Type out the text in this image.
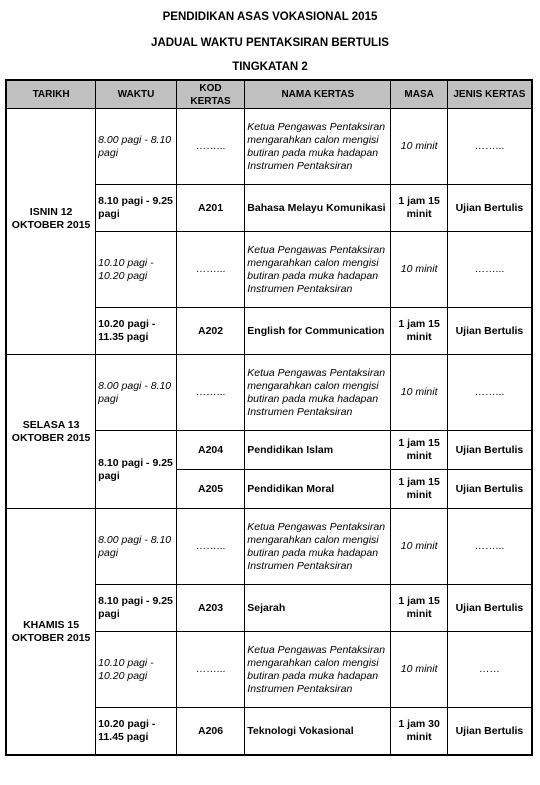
PENDIDIKAN ASAS VOKASIONAL 2015
JADUAL WAKTU PENTAKSIRAN BERTULIS
TINGKATAN 2
TARIKH	WAKTU	KOD KERTAS	NAMA KERTAS	MASA	JENIS KERTAS
ISNIN 12 OKTOBER 2015	8.00 pagi - 8.10 pagi	……...	Ketua Pengawas Pentaksiran mengarahkan calon mengisi butiran pada muka hadapan Instrumen Pentaksiran	10 minit	……...
	8.10 pagi - 9.25 pagi	A201	Bahasa Melayu Komunikasi	1 jam 15 minit	Ujian Bertulis
	10.10 pagi - 10.20 pagi	……...	Ketua Pengawas Pentaksiran mengarahkan calon mengisi butiran pada muka hadapan Instrumen Pentaksiran	10 minit	……...
	10.20 pagi - 11.35 pagi	A202	English for Communication	1 jam 15 minit	Ujian Bertulis
SELASA 13 OKTOBER 2015	8.00 pagi - 8.10 pagi	……...	Ketua Pengawas Pentaksiran mengarahkan calon mengisi butiran pada muka hadapan Instrumen Pentaksiran	10 minit	……...
	8.10 pagi - 9.25 pagi	A204	Pendidikan Islam	1 jam 15 minit	Ujian Bertulis
		A205	Pendidikan Moral	1 jam 15 minit	Ujian Bertulis
KHAMIS 15 OKTOBER 2015	8.00 pagi - 8.10 pagi	……...	Ketua Pengawas Pentaksiran mengarahkan calon mengisi butiran pada muka hadapan Instrumen Pentaksiran	10 minit	……...
	8.10 pagi - 9.25 pagi	A203	Sejarah	1 jam 15 minit	Ujian Bertulis
	10.10 pagi - 10.20 pagi	……...	Ketua Pengawas Pentaksiran mengarahkan calon mengisi butiran pada muka hadapan Instrumen Pentaksiran	10 minit	……
	10.20 pagi - 11.45 pagi	A206	Teknologi Vokasional	1 jam 30 minit	Ujian Bertulis
